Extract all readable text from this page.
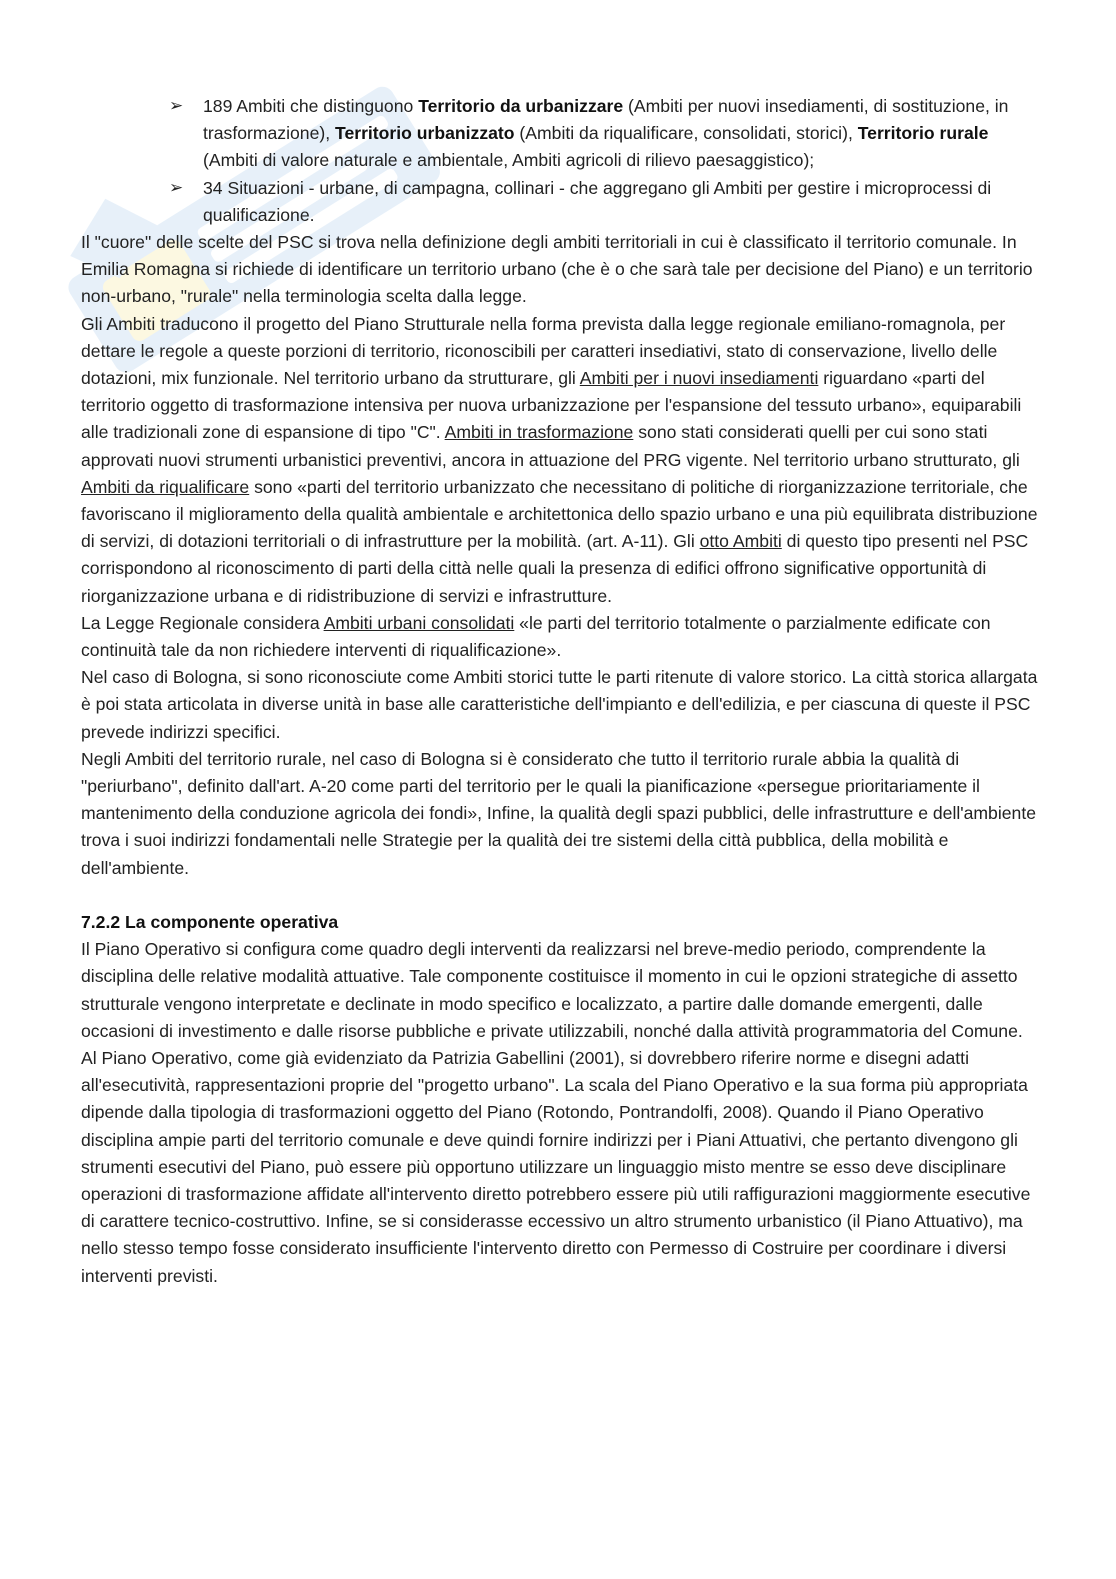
➢ 189 Ambiti che distinguono Territorio da urbanizzare (Ambiti per nuovi insediamenti, di sostituzione, in trasformazione), Territorio urbanizzato (Ambiti da riqualificare, consolidati, storici), Territorio rurale (Ambiti di valore naturale e ambientale, Ambiti agricoli di rilievo paesaggistico);
➢ 34 Situazioni - urbane, di campagna, collinari - che aggregano gli Ambiti per gestire i microprocessi di qualificazione.

Il "cuore" delle scelte del PSC si trova nella definizione degli ambiti territoriali in cui è classificato il territorio comunale. In Emilia Romagna si richiede di identificare un territorio urbano (che è o che sarà tale per decisione del Piano) e un territorio non-urbano, "rurale" nella terminologia scelta dalla legge.

Gli Ambiti traducono il progetto del Piano Strutturale nella forma prevista dalla legge regionale emiliano-romagnola, per dettare le regole a queste porzioni di territorio, riconoscibili per caratteri insediativi, stato di conservazione, livello delle dotazioni, mix funzionale. Nel territorio urbano da strutturare, gli Ambiti per i nuovi insediamenti riguardano «parti del territorio oggetto di trasformazione intensiva per nuova urbanizzazione per l'espansione del tessuto urbano», equiparabili alle tradizionali zone di espansione di tipo "C". Ambiti in trasformazione sono stati considerati quelli per cui sono stati approvati nuovi strumenti urbanistici preventivi, ancora in attuazione del PRG vigente. Nel territorio urbano strutturato, gli Ambiti da riqualificare sono «parti del territorio urbanizzato che necessitano di politiche di riorganizzazione territoriale, che favoriscano il miglioramento della qualità ambientale e architettonica dello spazio urbano e una più equilibrata distribuzione di servizi, di dotazioni territoriali o di infrastrutture per la mobilità. (art. A-11). Gli otto Ambiti di questo tipo presenti nel PSC corrispondono al riconoscimento di parti della città nelle quali la presenza di edifici offrono significative opportunità di riorganizzazione urbana e di ridistribuzione di servizi e infrastrutture.

La Legge Regionale considera Ambiti urbani consolidati «le parti del territorio totalmente o parzialmente edificate con continuità tale da non richiedere interventi di riqualificazione».

Nel caso di Bologna, si sono riconosciute come Ambiti storici tutte le parti ritenute di valore storico. La città storica allargata è poi stata articolata in diverse unità in base alle caratteristiche dell'impianto e dell'edilizia, e per ciascuna di queste il PSC prevede indirizzi specifici.

Negli Ambiti del territorio rurale, nel caso di Bologna si è considerato che tutto il territorio rurale abbia la qualità di "periurbano", definito dall'art. A-20 come parti del territorio per le quali la pianificazione «persegue prioritariamente il mantenimento della conduzione agricola dei fondi», Infine, la qualità degli spazi pubblici, delle infrastrutture e dell'ambiente trova i suoi indirizzi fondamentali nelle Strategie per la qualità dei tre sistemi della città pubblica, della mobilità e dell'ambiente.

7.2.2 La componente operativa

Il Piano Operativo si configura come quadro degli interventi da realizzarsi nel breve-medio periodo, comprendente la disciplina delle relative modalità attuative. Tale componente costituisce il momento in cui le opzioni strategiche di assetto strutturale vengono interpretate e declinate in modo specifico e localizzato, a partire dalle domande emergenti, dalle occasioni di investimento e dalle risorse pubbliche e private utilizzabili, nonché dalla attività programmatoria del Comune. Al Piano Operativo, come già evidenziato da Patrizia Gabellini (2001), si dovrebbero riferire norme e disegni adatti all'esecutività, rappresentazioni proprie del "progetto urbano". La scala del Piano Operativo e la sua forma più appropriata dipende dalla tipologia di trasformazioni oggetto del Piano (Rotondo, Pontrandolfi, 2008). Quando il Piano Operativo disciplina ampie parti del territorio comunale e deve quindi fornire indirizzi per i Piani Attuativi, che pertanto divengono gli strumenti esecutivi del Piano, può essere più opportuno utilizzare un linguaggio misto mentre se esso deve disciplinare operazioni di trasformazione affidate all'intervento diretto potrebbero essere più utili raffigurazioni maggiormente esecutive di carattere tecnico-costruttivo. Infine, se si considerasse eccessivo un altro strumento urbanistico (il Piano Attuativo), ma nello stesso tempo fosse considerato insufficiente l'intervento diretto con Permesso di Costruire per coordinare i diversi interventi previsti.
